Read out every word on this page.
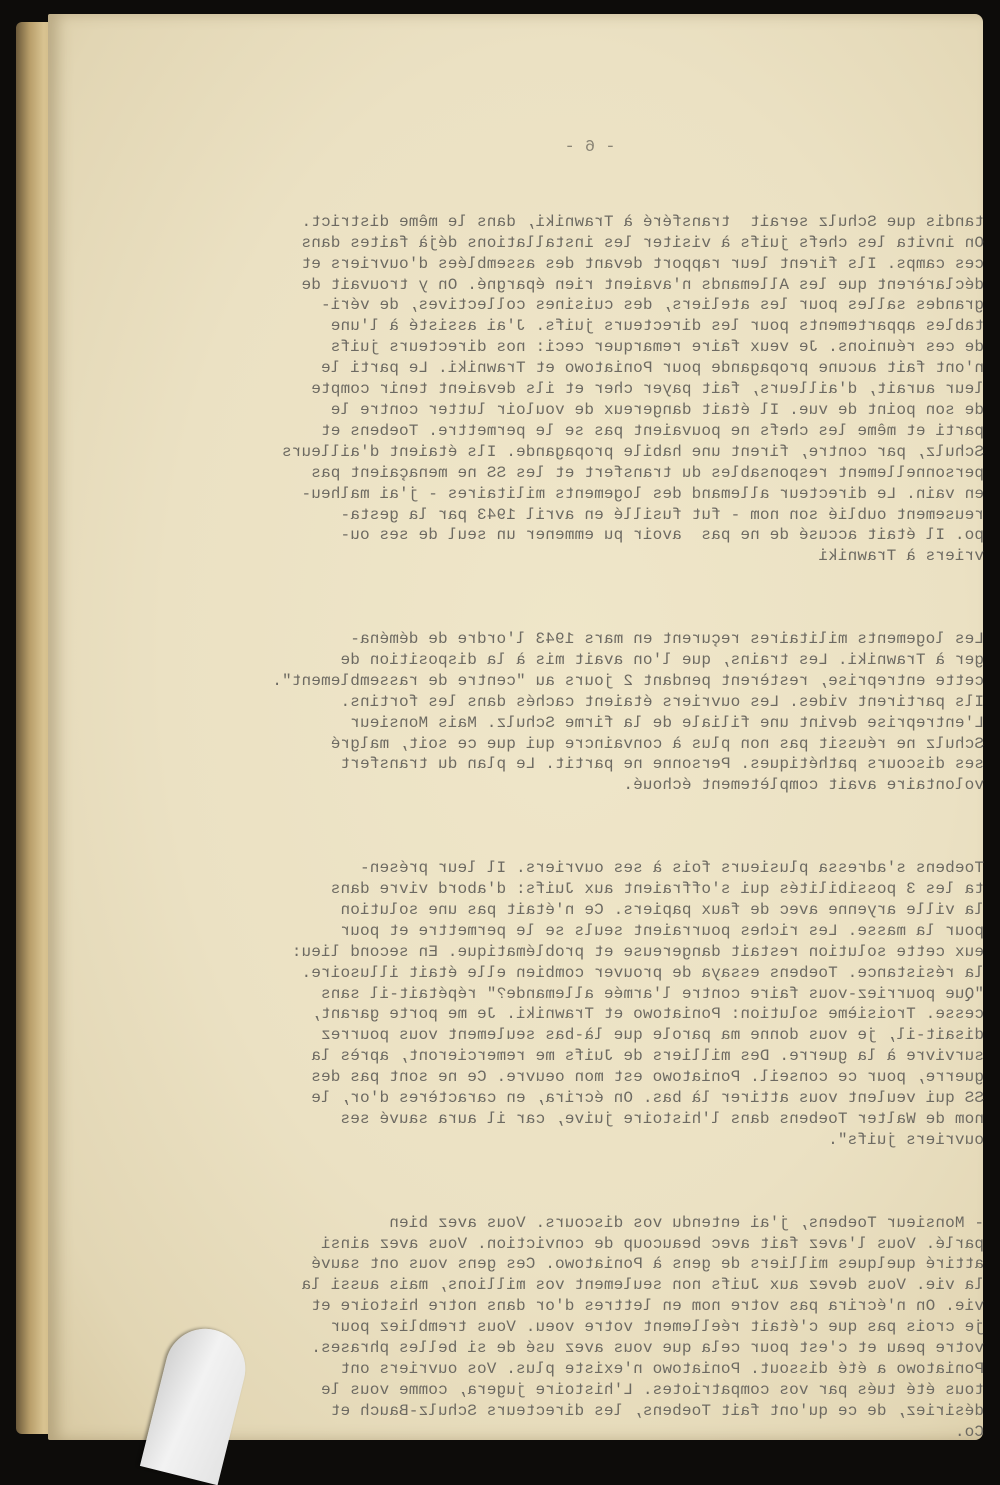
- 6 -

tandis que Schulz serait  transféré à Trawniki, dans le même district.
On invita les chefs juifs à visiter les installations déjà faites dans
ces camps. Ils firent leur rapport devant des assemblées d'ouvriers et
déclarèrent que les Allemands n'avaient rien épargné. On y trouvait de
grandes salles pour les ateliers, des cuisines collectives, de véri-
tables appartements pour les directeurs juifs. J'ai assisté à l'une
de ces réunions. Je veux faire remarquer ceci: nos directeurs juifs
n'ont fait aucune propagande pour Poniatowo et Trawniki. Le parti le
leur aurait, d'ailleurs, fait payer cher et ils devaient tenir compte
de son point de vue. Il était dangereux de vouloir lutter contre le
parti et même les chefs ne pouvaient pas se le permettre. Toebens et
Schulz, par contre, firent une habile propagande. Ils étaient d'ailleurs
personnellement responsables du transfert et les SS ne menaçaient pas
en vain. Le directeur allemand des logements militaires - j'ai malheu-
reusement oublié son nom - fut fusillé en avril 1943 par la gesta-
po. Il était accusé de ne pas  avoir pu emmener un seul de ses ou-
vriers à Trawniki

Les logements militaires reçurent en mars 1943 l'ordre de déména-
ger à Trawniki. Les trains, que l'on avait mis à la disposition de
cette entreprise, restèrent pendant 2 jours au "centre de rassemblement".
Ils partirent vides. Les ouvriers étaient cachés dans les fortins.
L'entreprise devint une filiale de la firme Schulz. Mais Monsieur
Schulz ne réussit pas non plus à convaincre qui que ce soit, malgré
ses discours pathétiques. Personne ne partit. Le plan du transfert
volontaire avait complètement échoué.

Toebens s'adressa plusieurs fois à ses ouvriers. Il leur présen-
ta les 3 possibilités qui s'offraient aux Juifs: d'abord vivre dans
la ville aryenne avec de faux papiers. Ce n'était pas une solution
pour la masse. Les riches pourraient seuls se le permettre et pour
eux cette solution restait dangereuse et problématique. En second lieu:
la résistance. Toebens essaya de prouver combien elle était illusoire.
"Que pourriez-vous faire contre l'armée allemande?" répétait-il sans
cesse. Troisième solution: Poniatowo et Trawniki. Je me porte garant,
disait-il, je vous donne ma parole que là-bas seulement vous pourrez
survivre à la guerre. Des milliers de Juifs me remercieront, après la
guerre, pour ce conseil. Poniatowo est mon oeuvre. Ce ne sont pas des
SS qui veulent vous attirer là bas. On écrira, en caractères d'or, le
nom de Walter Toebens dans l'histoire juive, car il aura sauvé ses
ouvriers juifs".

- Monsieur Toebens, j'ai entendu vos discours. Vous avez bien
parlé. Vous l'avez fait avec beaucoup de conviction. Vous avez ainsi
attiré quelques milliers de gens à Poniatowo. Ces gens vous ont sauvé
la vie. Vous devez aux Juifs non seulement vos millions, mais aussi la
vie. On n'écrira pas votre nom en lettres d'or dans notre histoire et
je crois pas que c'était réellement votre voeu. Vous trembliez pour
votre peau et c'est pour cela que vous avez usé de si belles phrases.
Poniatowo a été dissout. Poniatowo n'existe plus. Vos ouvriers ont
tous été tués par vos compatriotes. L'histoire jugera, comme vous le
désiriez, de ce qu'ont fait Toebens, les directeurs Schulz-Bauch et
Co.
